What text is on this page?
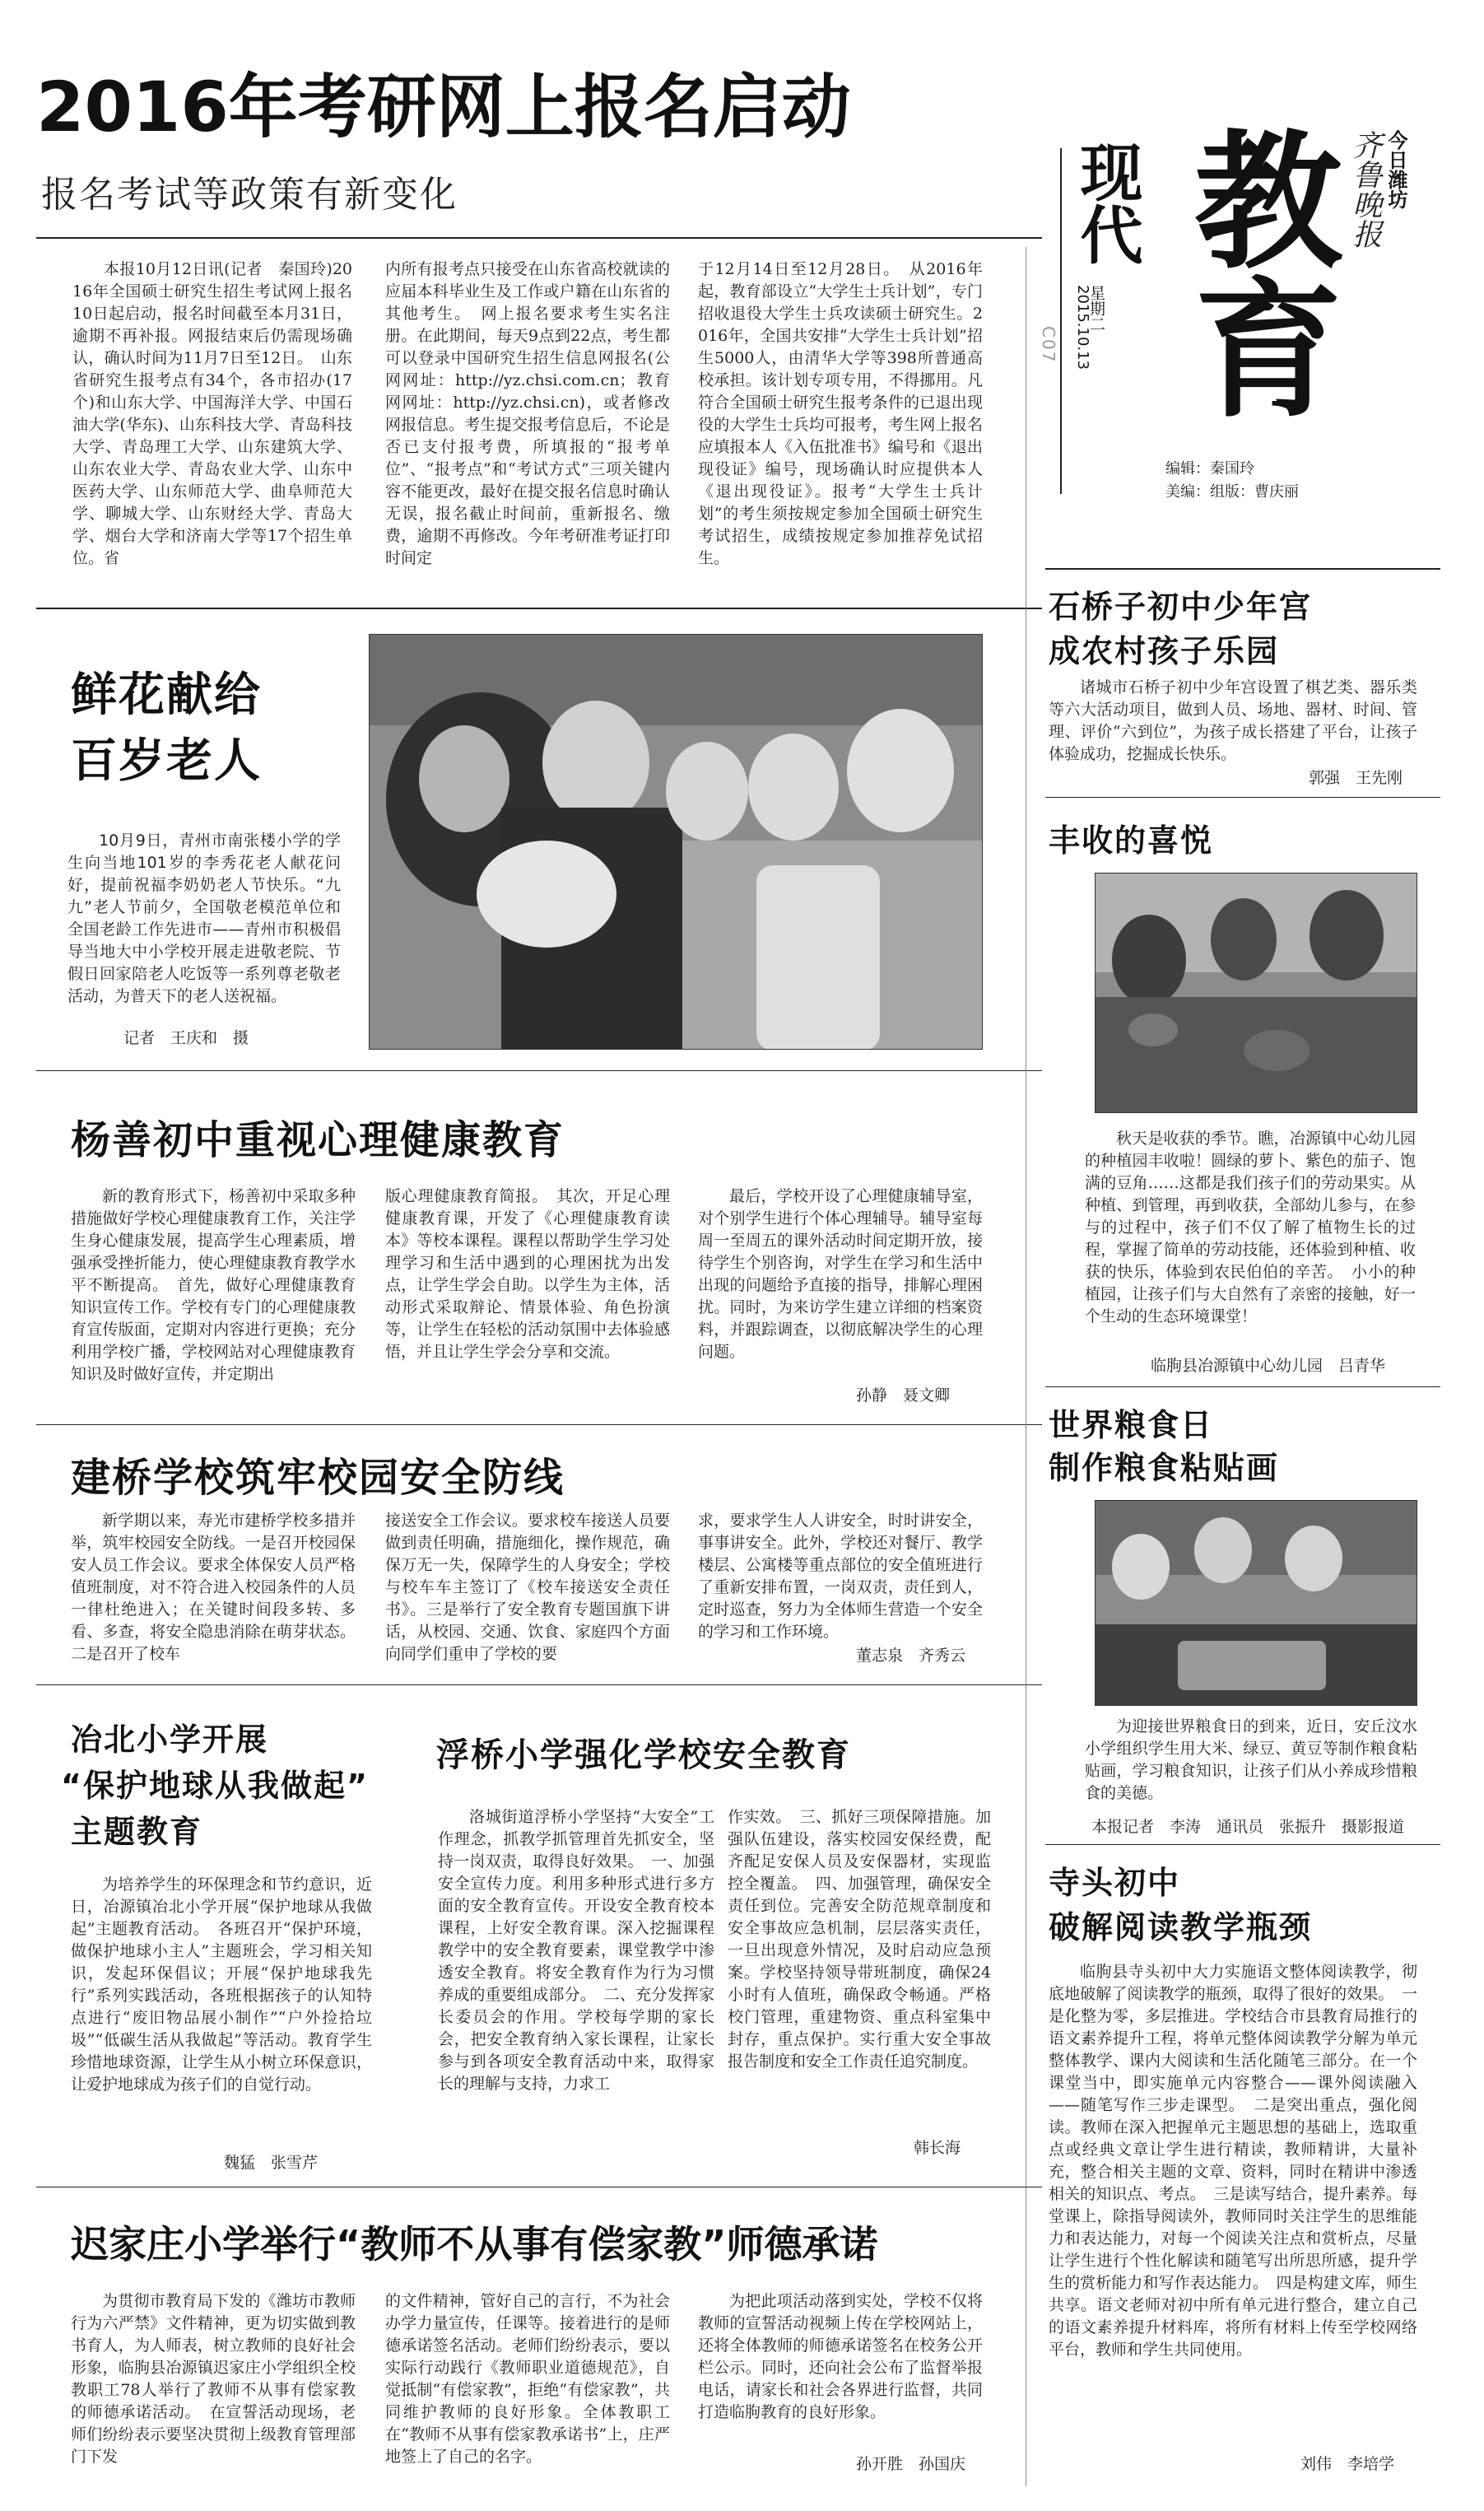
现代
C07
星期二
2015.10.13 教育 齐鲁晚报 今日潍坊
编辑：秦国玲
美编：组版：曹庆丽
2016年考研网上报名启动
报名考试等政策有新变化
本报10月12日讯(记者　秦国玲)2016年全国硕士研究生招生考试网上报名10日起启动，报名时间截至本月31日，逾期不再补报。网报结束后仍需现场确认，确认时间为11月7日至12日。　山东省研究生报考点有34个，各市招办(17个)和山东大学、中国海洋大学、中国石油大学(华东)、山东科技大学、青岛科技大学、青岛理工大学、山东建筑大学、山东农业大学、青岛农业大学、山东中医药大学、山东师范大学、曲阜师范大学、聊城大学、山东财经大学、青岛大学、烟台大学和济南大学等17个招生单位。省
内所有报考点只接受在山东省高校就读的应届本科毕业生及工作或户籍在山东省的其他考生。　网上报名要求考生实名注册。在此期间，每天9点到22点，考生都可以登录中国研究生招生信息网报名(公网网址：http://yz.chsi.com.cn；教育网网址：http://yz.chsi.cn)，或者修改网报信息。考生提交报考信息后，不论是否已支付报考费，所填报的“报考单位”、“报考点”和“考试方式”三项关键内容不能更改，最好在提交报名信息时确认无误，报名截止时间前，重新报名、缴费，逾期不再修改。今年考研准考证打印时间定
于12月14日至12月28日。　从2016年起，教育部设立“大学生士兵计划”，专门招收退役大学生士兵攻读硕士研究生。2016年，全国共安排“大学生士兵计划”招生5000人，由清华大学等398所普通高校承担。该计划专项专用，不得挪用。凡符合全国硕士研究生报考条件的已退出现役的大学生士兵均可报考，考生网上报名应填报本人《入伍批准书》编号和《退出现役证》编号，现场确认时应提供本人《退出现役证》。报考“大学生士兵计划”的考生须按规定参加全国硕士研究生考试招生，成绩按规定参加推荐免试招生。
鲜花献给
百岁老人
10月9日，青州市南张楼小学的学生向当地101岁的李秀花老人献花问好，提前祝福李奶奶老人节快乐。“九九”老人节前夕，全国敬老模范单位和全国老龄工作先进市——青州市积极倡导当地大中小学校开展走进敬老院、节假日回家陪老人吃饭等一系列尊老敬老活动，为普天下的老人送祝福。
记者　王庆和　摄
杨善初中重视心理健康教育
新的教育形式下，杨善初中采取多种措施做好学校心理健康教育工作，关注学生身心健康发展，提高学生心理素质，增强承受挫折能力，使心理健康教育教学水平不断提高。　首先，做好心理健康教育知识宣传工作。学校有专门的心理健康教育宣传版面，定期对内容进行更换；充分利用学校广播，学校网站对心理健康教育知识及时做好宣传，并定期出
版心理健康教育简报。　其次，开足心理健康教育课，开发了《心理健康教育读本》等校本课程。课程以帮助学生学习处理学习和生活中遇到的心理困扰为出发点，让学生学会自助。以学生为主体，活动形式采取辩论、情景体验、角色扮演等，让学生在轻松的活动氛围中去体验感悟，并且让学生学会分享和交流。
最后，学校开设了心理健康辅导室，对个别学生进行个体心理辅导。辅导室每周一至周五的课外活动时间定期开放，接待学生个别咨询，对学生在学习和生活中出现的问题给予直接的指导，排解心理困扰。同时，为来访学生建立详细的档案资料，并跟踪调查，以彻底解决学生的心理问题。
孙静　聂文卿
建桥学校筑牢校园安全防线
新学期以来，寿光市建桥学校多措并举，筑牢校园安全防线。一是召开校园保安人员工作会议。要求全体保安人员严格值班制度，对不符合进入校园条件的人员一律杜绝进入；在关键时间段多转、多看、多查，将安全隐患消除在萌芽状态。二是召开了校车
接送安全工作会议。要求校车接送人员要做到责任明确，措施细化，操作规范，确保万无一失，保障学生的人身安全；学校与校车车主签订了《校车接送安全责任书》。三是举行了安全教育专题国旗下讲话，从校园、交通、饮食、家庭四个方面向同学们重申了学校的要
求，要求学生人人讲安全，时时讲安全，事事讲安全。此外，学校还对餐厅、教学楼层、公寓楼等重点部位的安全值班进行了重新安排布置，一岗双责，责任到人，定时巡查，努力为全体师生营造一个安全的学习和工作环境。
董志泉　齐秀云
冶北小学开展
“保护地球从我做起”
主题教育
为培养学生的环保理念和节约意识，近日，冶源镇冶北小学开展“保护地球从我做起”主题教育活动。　各班召开“保护环境，做保护地球小主人”主题班会，学习相关知识，发起环保倡议；开展“保护地球我先行”系列实践活动，各班根据孩子的认知特点进行“废旧物品展小制作”“户外捡拾垃圾”“低碳生活从我做起”等活动。教育学生珍惜地球资源，让学生从小树立环保意识，让爱护地球成为孩子们的自觉行动。
魏猛　张雪芹
浮桥小学强化学校安全教育
洛城街道浮桥小学坚持“大安全”工作理念，抓教学抓管理首先抓安全，坚持一岗双责，取得良好效果。　一、加强安全宣传力度。利用多种形式进行多方面的安全教育宣传。开设安全教育校本课程，上好安全教育课。深入挖掘课程教学中的安全教育要素，课堂教学中渗透安全教育。将安全教育作为行为习惯养成的重要组成部分。　二、充分发挥家长委员会的作用。学校每学期的家长会，把安全教育纳入家长课程，让家长参与到各项安全教育活动中来，取得家长的理解与支持，力求工
作实效。　三、抓好三项保障措施。加强队伍建设，落实校园安保经费，配齐配足安保人员及安保器材，实现监控全覆盖。　四、加强管理，确保安全责任到位。完善安全防范规章制度和安全事故应急机制，层层落实责任，一旦出现意外情况，及时启动应急预案。学校坚持领导带班制度，确保24小时有人值班，确保政令畅通。严格校门管理，重建物资、重点科室集中封存，重点保护。实行重大安全事故报告制度和安全工作责任追究制度。
韩长海
迟家庄小学举行“教师不从事有偿家教”师德承诺
为贯彻市教育局下发的《潍坊市教师行为六严禁》文件精神，更为切实做到教书育人，为人师表，树立教师的良好社会形象，临朐县冶源镇迟家庄小学组织全校教职工78人举行了教师不从事有偿家教的师德承诺活动。　在宣誓活动现场，老师们纷纷表示要坚决贯彻上级教育管理部门下发
的文件精神，管好自己的言行，不为社会办学力量宣传，任课等。接着进行的是师德承诺签名活动。老师们纷纷表示，要以实际行动践行《教师职业道德规范》，自觉抵制“有偿家教”，拒绝“有偿家教”，共同维护教师的良好形象。全体教职工在“教师不从事有偿家教承诺书”上，庄严地签上了自己的名字。
为把此项活动落到实处，学校不仅将教师的宣誓活动视频上传在学校网站上，还将全体教师的师德承诺签名在校务公开栏公示。同时，还向社会公布了监督举报电话，请家长和社会各界进行监督，共同打造临朐教育的良好形象。
孙开胜　孙国庆
石桥子初中少年宫
成农村孩子乐园
诸城市石桥子初中少年宫设置了棋艺类、器乐类等六大活动项目，做到人员、场地、器材、时间、管理、评价“六到位”，为孩子成长搭建了平台，让孩子体验成功，挖掘成长快乐。
郭强　王先刚
丰收的喜悦
秋天是收获的季节。瞧，冶源镇中心幼儿园的种植园丰收啦！圆绿的萝卜、紫色的茄子、饱满的豆角……这都是我们孩子们的劳动果实。从种植、到管理，再到收获，全部幼儿参与，在参与的过程中，孩子们不仅了解了植物生长的过程，掌握了简单的劳动技能，还体验到种植、收获的快乐，体验到农民伯伯的辛苦。　小小的种植园，让孩子们与大自然有了亲密的接触，好一个生动的生态环境课堂！
临朐县冶源镇中心幼儿园　吕青华
世界粮食日
制作粮食粘贴画
为迎接世界粮食日的到来，近日，安丘汶水小学组织学生用大米、绿豆、黄豆等制作粮食粘贴画，学习粮食知识，让孩子们从小养成珍惜粮食的美德。
本报记者　李涛　通讯员　张振升　摄影报道
寺头初中
破解阅读教学瓶颈
临朐县寺头初中大力实施语文整体阅读教学，彻底地破解了阅读教学的瓶颈，取得了很好的效果。　一是化整为零，多层推进。学校结合市县教育局推行的语文素养提升工程，将单元整体阅读教学分解为单元整体教学、课内大阅读和生活化随笔三部分。在一个课堂当中，即实施单元内容整合——课外阅读融入——随笔写作三步走课型。　二是突出重点，强化阅读。教师在深入把握单元主题思想的基础上，选取重点或经典文章让学生进行精读，教师精讲，大量补充，整合相关主题的文章、资料，同时在精讲中渗透相关的知识点、考点。　三是读写结合，提升素养。每堂课上，除指导阅读外，教师同时关注学生的思维能力和表达能力，对每一个阅读关注点和赏析点，尽量让学生进行个性化解读和随笔写出所思所感，提升学生的赏析能力和写作表达能力。　四是构建文库，师生共享。语文老师对初中所有单元进行整合，建立自己的语文素养提升材料库，将所有材料上传至学校网络平台，教师和学生共同使用。
刘伟　李培学
